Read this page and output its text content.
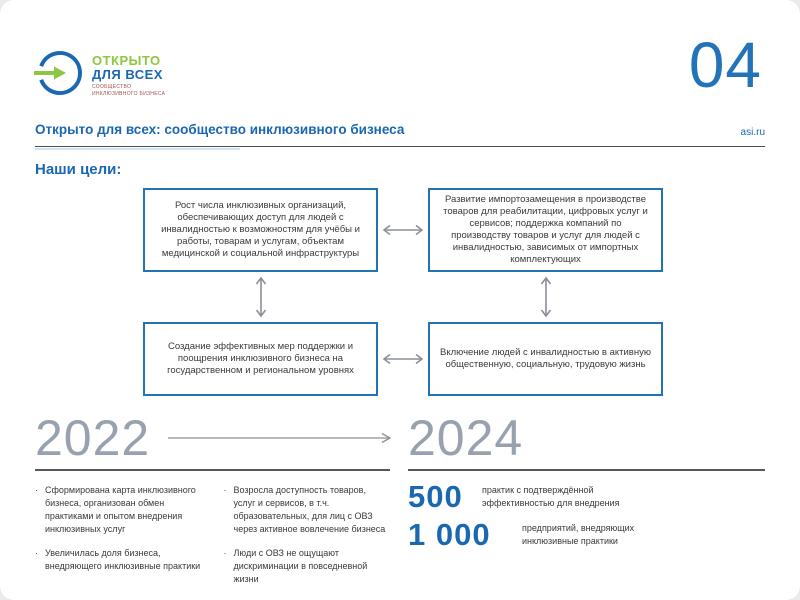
ОТКРЫТО
ДЛЯ ВСЕХ
СООБЩЕСТВО
ИНКЛЮЗИВНОГО БИЗНЕСА	04
Открыто для всех: сообщество инклюзивного бизнеса	asi.ru
Наши цели:
Рост числа инклюзивных организаций, обеспечивающих доступ для людей с инвалидностью к возможностям для учёбы и работы, товарам и услугам, объектам медицинской и социальной инфраструктуры
Развитие импортозамещения в производстве товаров для реабилитации, цифровых услуг и сервисов; поддержка компаний по производству товаров и услуг для людей с инвалидностью, зависимых от импортных комплектующих
Создание эффективных мер поддержки и поощрения инклюзивного бизнеса на государственном и региональном уровнях
Включение людей с инвалидностью в активную общественную, социальную, трудовую жизнь
2022
· Сформирована карта инклюзивного бизнеса, организован обмен практиками и опытом внедрения инклюзивных услуг
· Увеличилась доля бизнеса, внедряющего инклюзивные практики
· Возросла доступность товаров, услуг и сервисов, в т.ч. образовательных, для лиц с ОВЗ через активное вовлечение бизнеса
· Люди с ОВЗ не ощущают дискриминации в повседневной жизни
2024
500	практик с подтверждённой эффективностью для внедрения
1 000	предприятий, внедряющих инклюзивные практики
